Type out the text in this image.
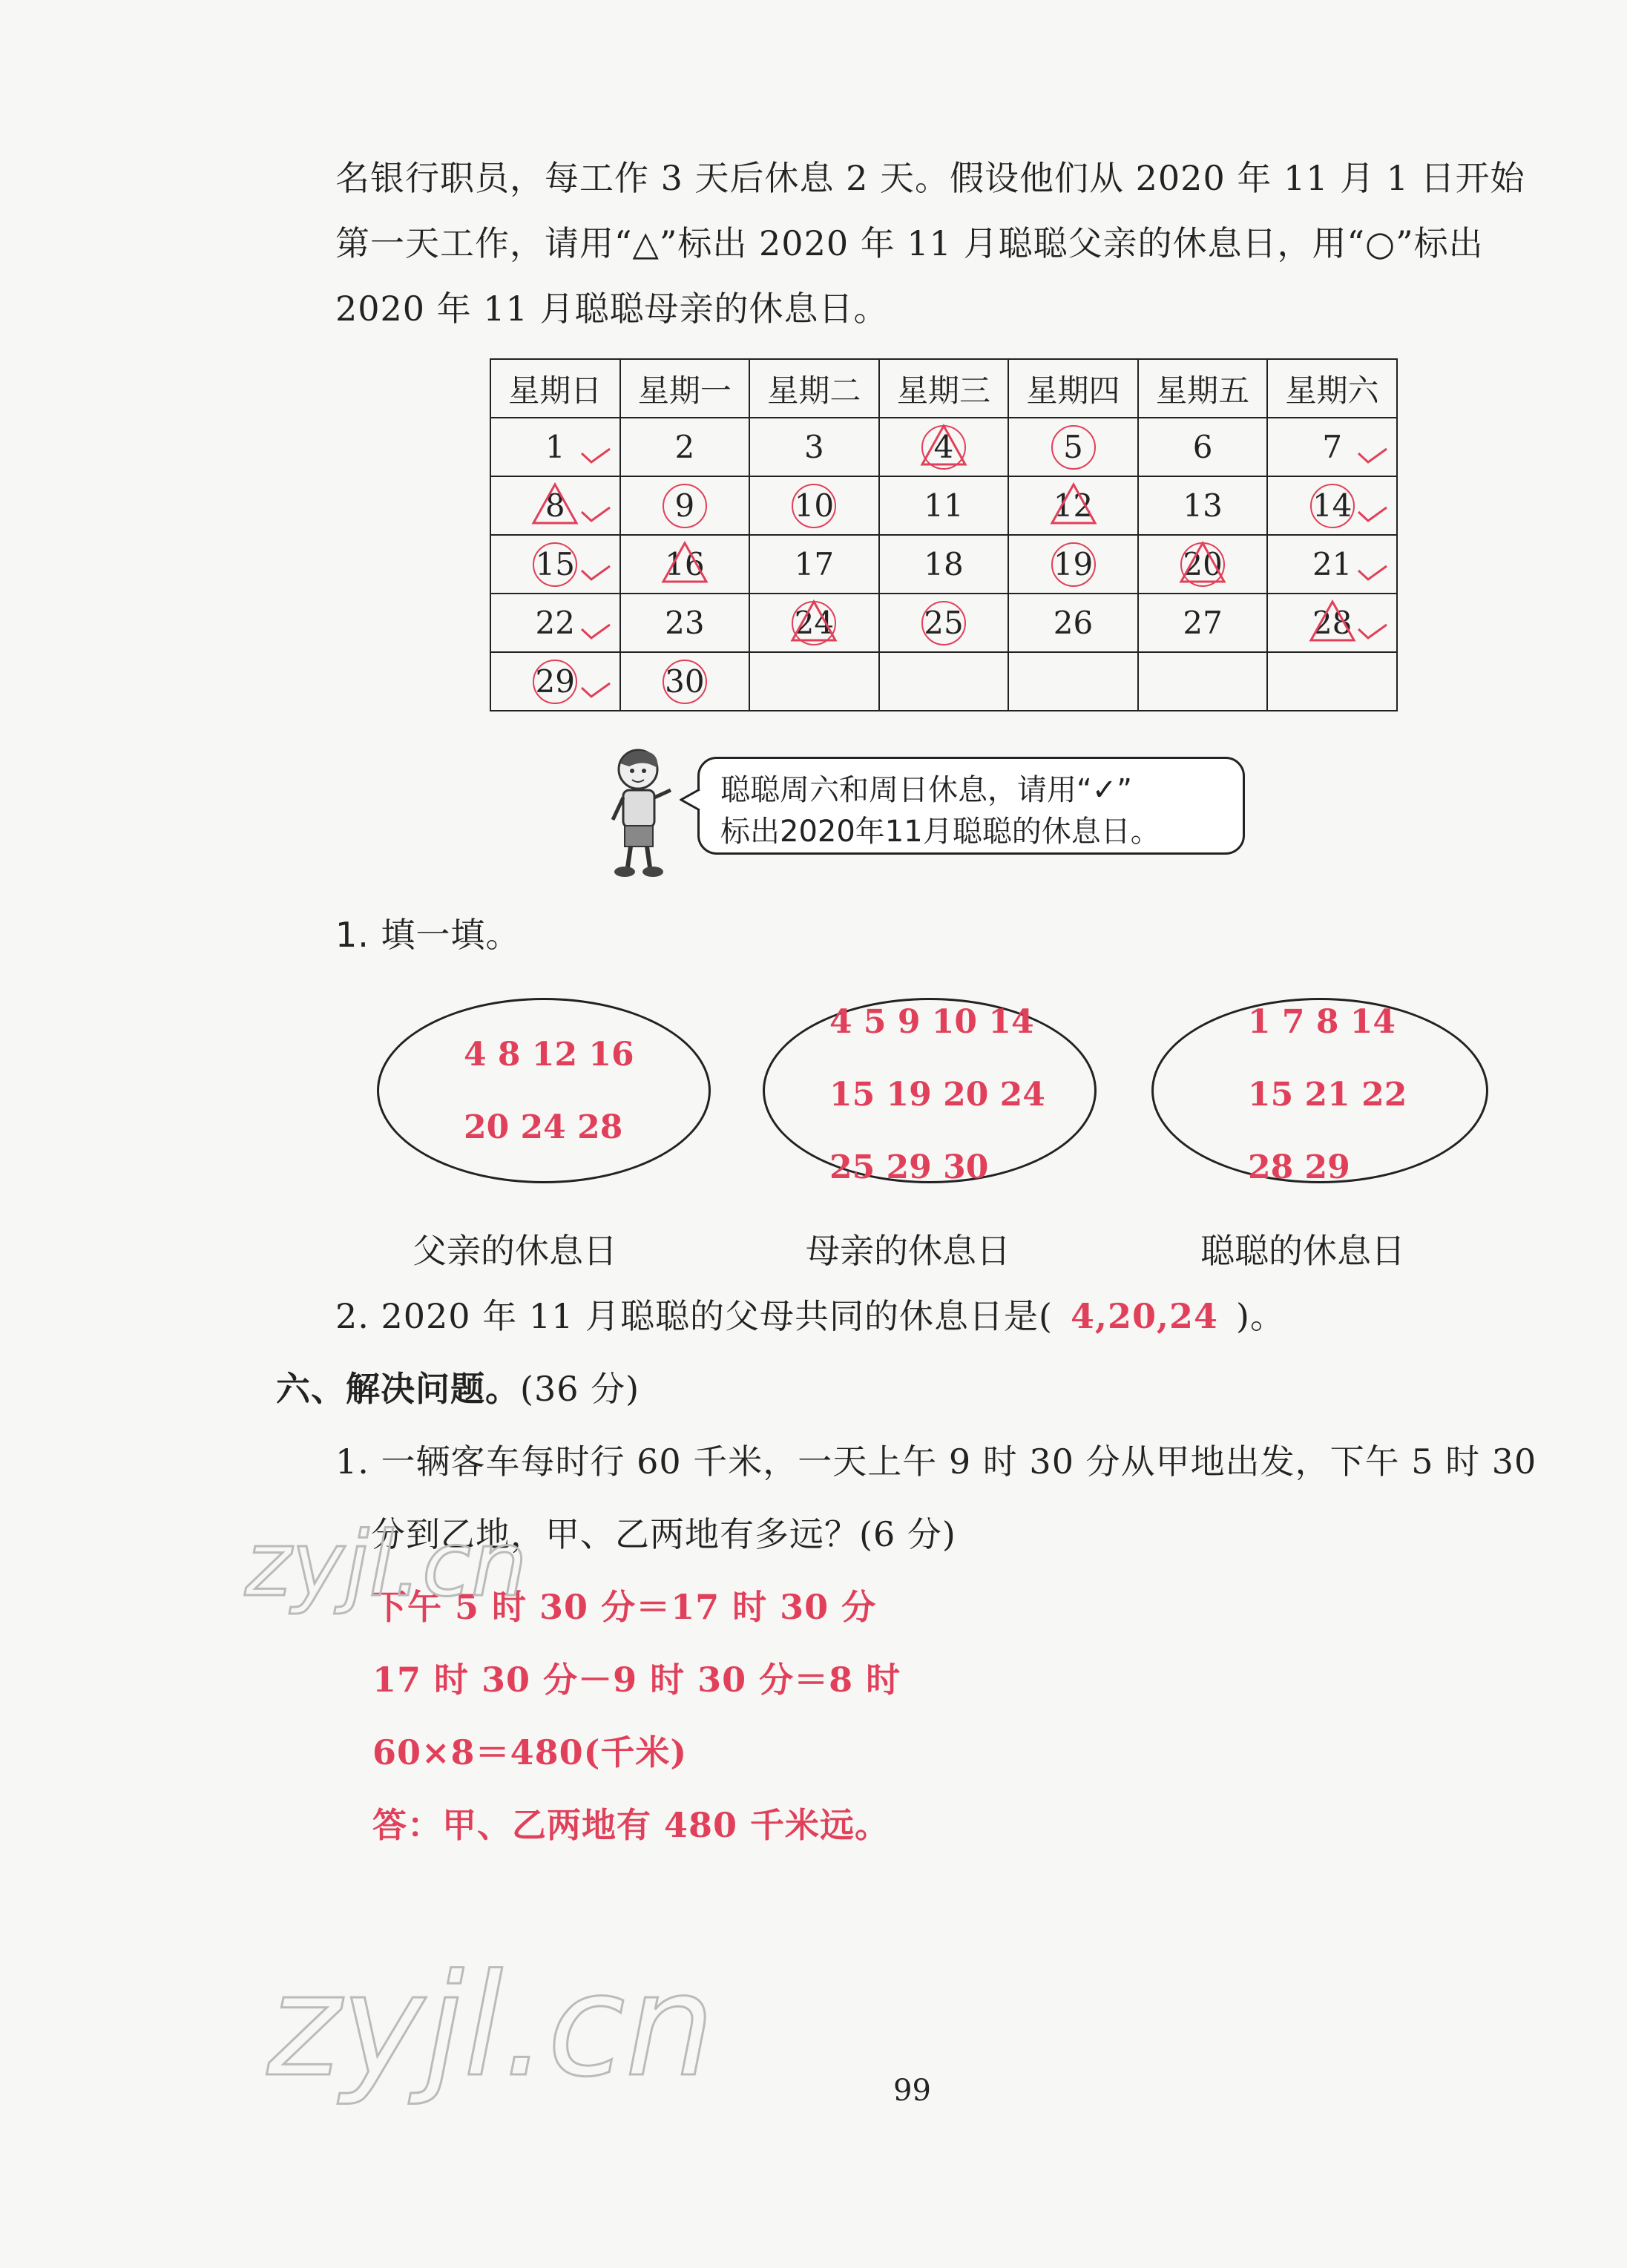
名银行职员，每工作 3 天后休息 2 天。假设他们从 2020 年 11 月 1 日开始
第一天工作，请用“△”标出 2020 年 11 月聪聪父亲的休息日，用“○”标出
2020 年 11 月聪聪母亲的休息日。
星期日	星期一	星期二	星期三	星期四	星期五	星期六
1	2	3	4	5	6	7

8	9	10	11	12	13	14

15	16	17	18	19	20	21

22	23	24	25	26	27	28

29	30

聪聪周六和周日休息，请用“✓”
标出2020年11月聪聪的休息日。
1. 填一填。
4 8 12 16
20 24 28
4 5 9 10 14
15 19 20 24
25 29 30
1 7 8 14
15 21 22
28 29
父亲的休息日	母亲的休息日	聪聪的休息日
2. 2020 年 11 月聪聪的父母共同的休息日是( 4,20,24 )。
六、解决问题。(36 分)
1. 一辆客车每时行 60 千米，一天上午 9 时 30 分从甲地出发，下午 5 时 30
分到乙地，甲、乙两地有多远？(6 分)
下午 5 时 30 分＝17 时 30 分
17 时 30 分－9 时 30 分＝8 时
60×8＝480(千米)
答：甲、乙两地有 480 千米远。
zyjl.cn
zyjl.cn	99
